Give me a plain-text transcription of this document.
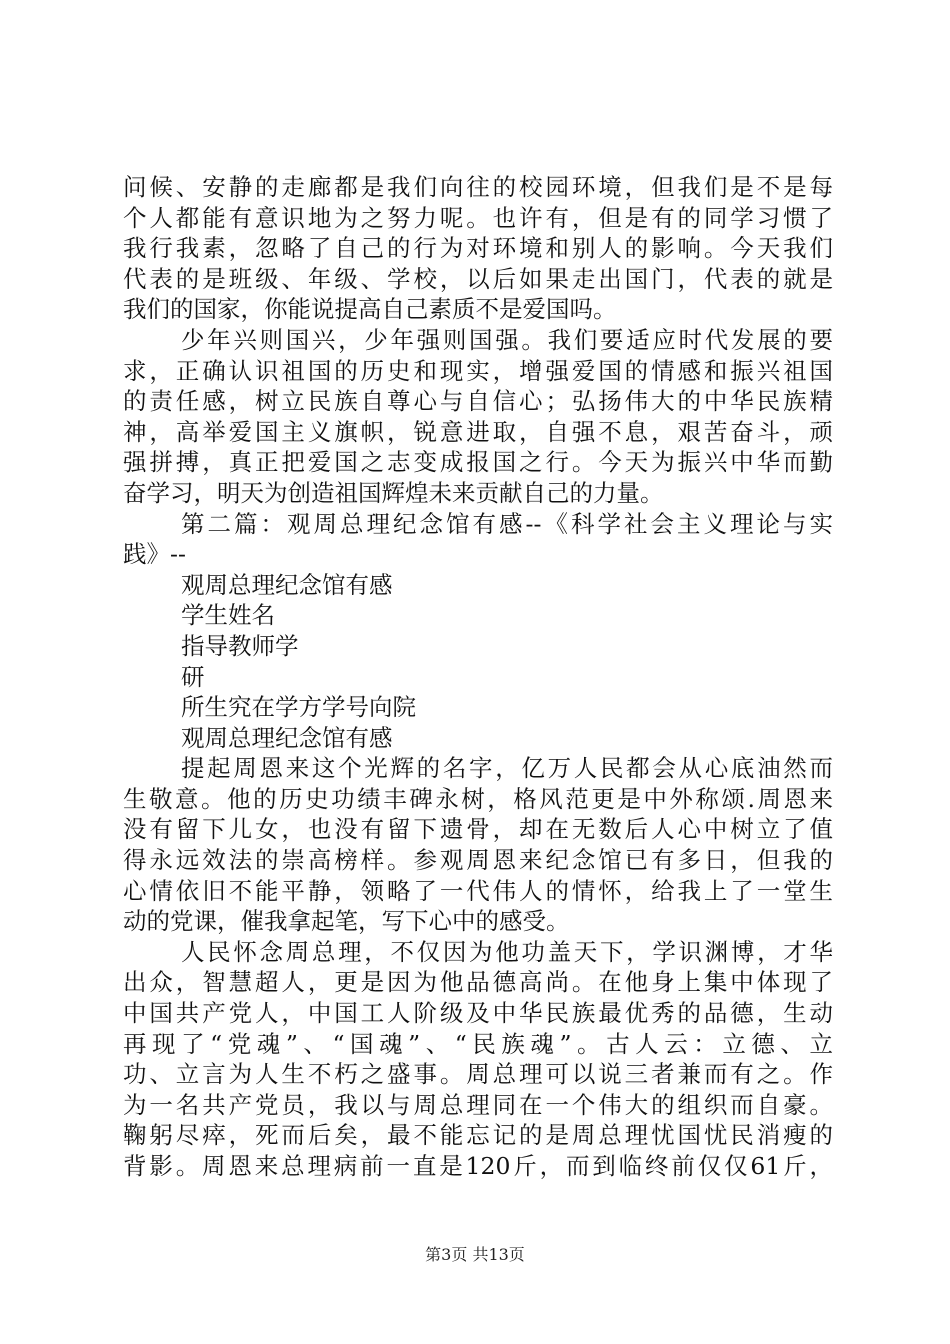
问候、安静的走廊都是我们向往的校园环境，但我们是不是每
个人都能有意识地为之努力呢。也许有，但是有的同学习惯了
我行我素，忽略了自己的行为对环境和别人的影响。今天我们
代表的是班级、年级、学校，以后如果走出国门，代表的就是
我们的国家，你能说提高自己素质不是爱国吗。
少年兴则国兴，少年强则国强。我们要适应时代发展的要
求，正确认识祖国的历史和现实，增强爱国的情感和振兴祖国
的责任感，树立民族自尊心与自信心；弘扬伟大的中华民族精
神，高举爱国主义旗帜，锐意进取，自强不息，艰苦奋斗，顽
强拼搏，真正把爱国之志变成报国之行。今天为振兴中华而勤
奋学习，明天为创造祖国辉煌未来贡献自己的力量。
第二篇：观周总理纪念馆有感--《科学社会主义理论与实
践》--
观周总理纪念馆有感
学生姓名
指导教师学
研
所生究在学方学号向院
观周总理纪念馆有感
提起周恩来这个光辉的名字，亿万人民都会从心底油然而
生敬意。他的历史功绩丰碑永树，格风范更是中外称颂.周恩来
没有留下儿女，也没有留下遗骨，却在无数后人心中树立了值
得永远效法的崇高榜样。参观周恩来纪念馆已有多日，但我的
心情依旧不能平静，领略了一代伟人的情怀，给我上了一堂生
动的党课，催我拿起笔，写下心中的感受。
人民怀念周总理，不仅因为他功盖天下，学识渊博，才华
出众，智慧超人，更是因为他品德高尚。在他身上集中体现了
中国共产党人，中国工人阶级及中华民族最优秀的品德，生动
再现了“党魂”、“国魂”、“民族魂”。古人云：立德、立
功、立言为人生不朽之盛事。周总理可以说三者兼而有之。作
为一名共产党员，我以与周总理同在一个伟大的组织而自豪。
鞠躬尽瘁，死而后矣，最不能忘记的是周总理忧国忧民消瘦的
背影。周恩来总理病前一直是120斤，而到临终前仅仅61斤，
第3页 共13页
